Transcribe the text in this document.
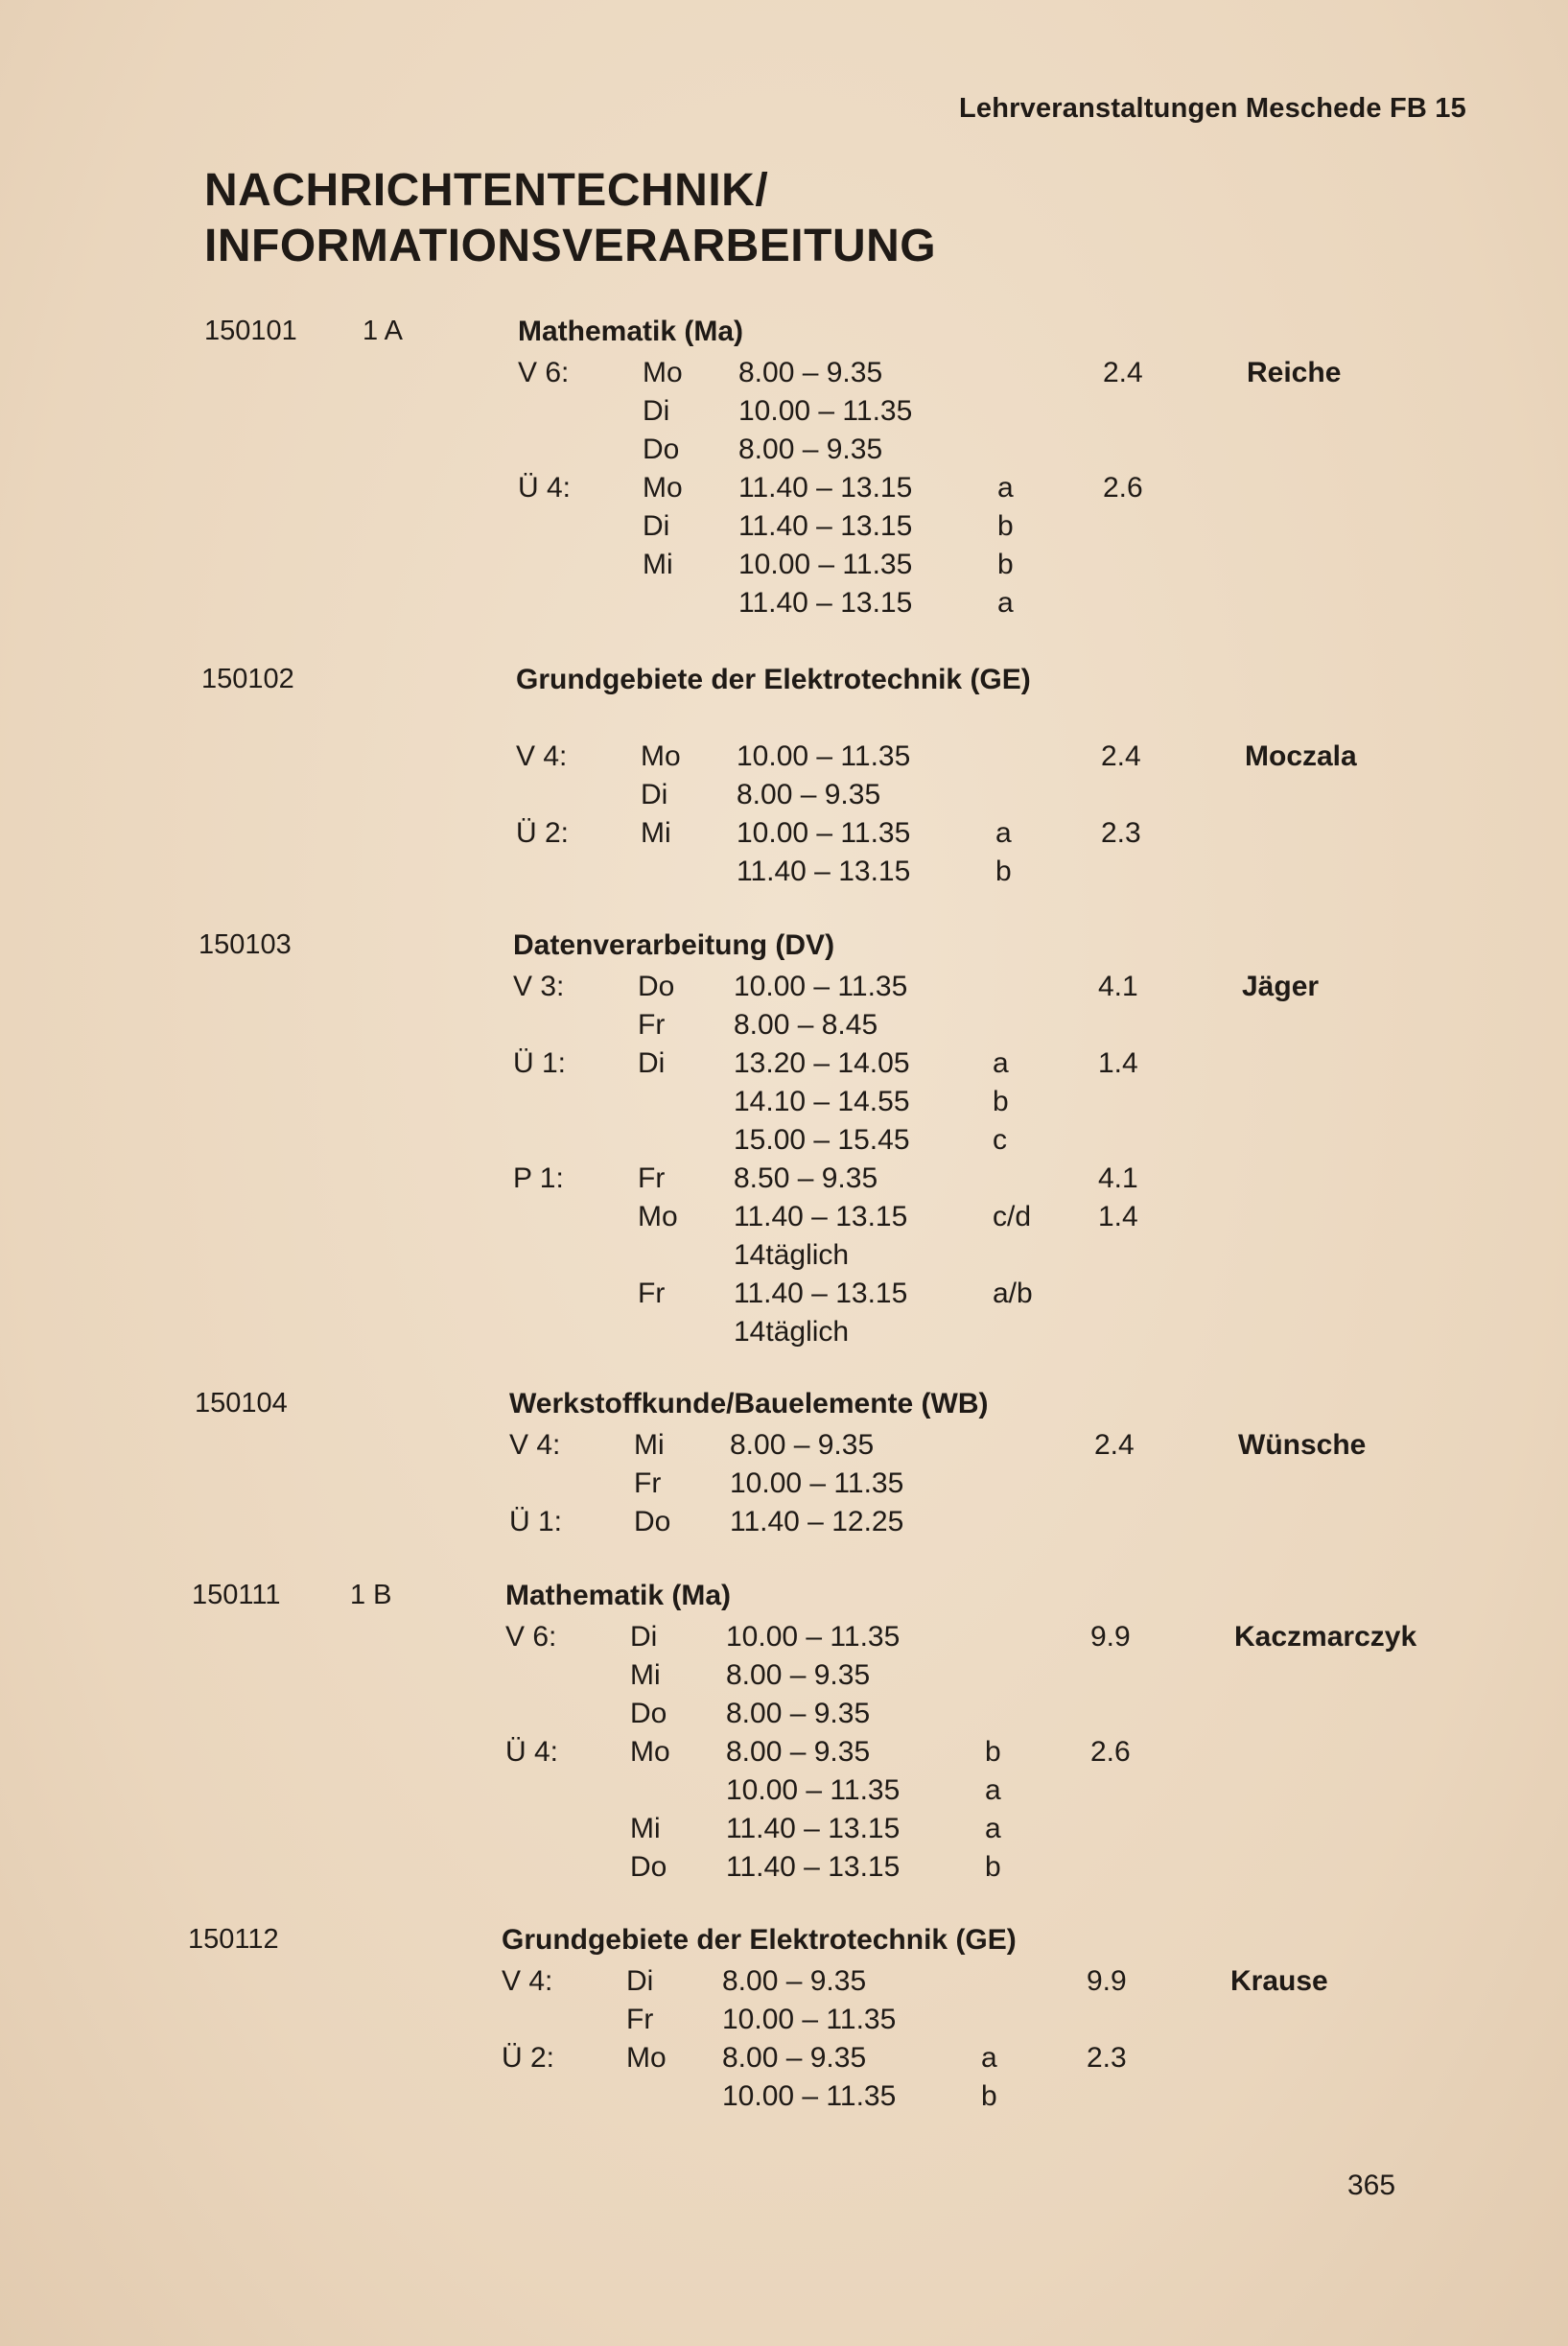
Lehrveranstaltungen Meschede FB 15
NACHRICHTENTECHNIK/
INFORMATIONSVERARBEITUNG
150101 1 A	Mathematik (Ma)
V 6:	Mo 8.00 – 9.35	2.4	Reiche
Di 10.00 – 11.35
Do 8.00 – 9.35
Ü 4: Mo 11.40 – 13.15	a	2.6
Di 11.40 – 13.15	b
Mi 10.00 – 11.35	b
11.40 – 13.15	a
150102	Grundgebiete der Elektrotechnik (GE)
V 4:	Mo 10.00 – 11.35	2.4	Moczala
Di 8.00 – 9.35
Ü 2: Mi 10.00 – 11.35	a	2.3
11.40 – 13.15	b
150103	Datenverarbeitung (DV)
V 3:	Do 10.00 – 11.35	4.1	Jäger
Fr 8.00 – 8.45
Ü 1: Di 13.20 – 14.05	a	1.4
14.10 – 14.55	b
15.00 – 15.45	c
P 1:	Fr 8.50 – 9.35	4.1
Mo 11.40 – 13.15	c/d 1.4
14täglich
Fr 11.40 – 13.15	a/b
14täglich
150104	Werkstoffkunde/Bauelemente (WB)
V 4:	Mi 8.00 – 9.35	2.4	Wünsche
Fr 10.00 – 11.35
Ü 1: Do 11.40 – 12.25
150111	1 B	Mathematik (Ma)
V 6:	Di 10.00 – 11.35	9.9	Kaczmarczyk
Mi 8.00 – 9.35
Do 8.00 – 9.35
Ü 4: Mo 8.00 – 9.35	b	2.6
10.00 – 11.35	a
Mi 11.40 – 13.15	a
Do 11.40 – 13.15	b
150112	Grundgebiete der Elektrotechnik (GE)
V 4:	Di 8.00 – 9.35	9.9	Krause
Fr 10.00 – 11.35
Ü 2: Mo 8.00 – 9.35	a	2.3
10.00 – 11.35	b
365
